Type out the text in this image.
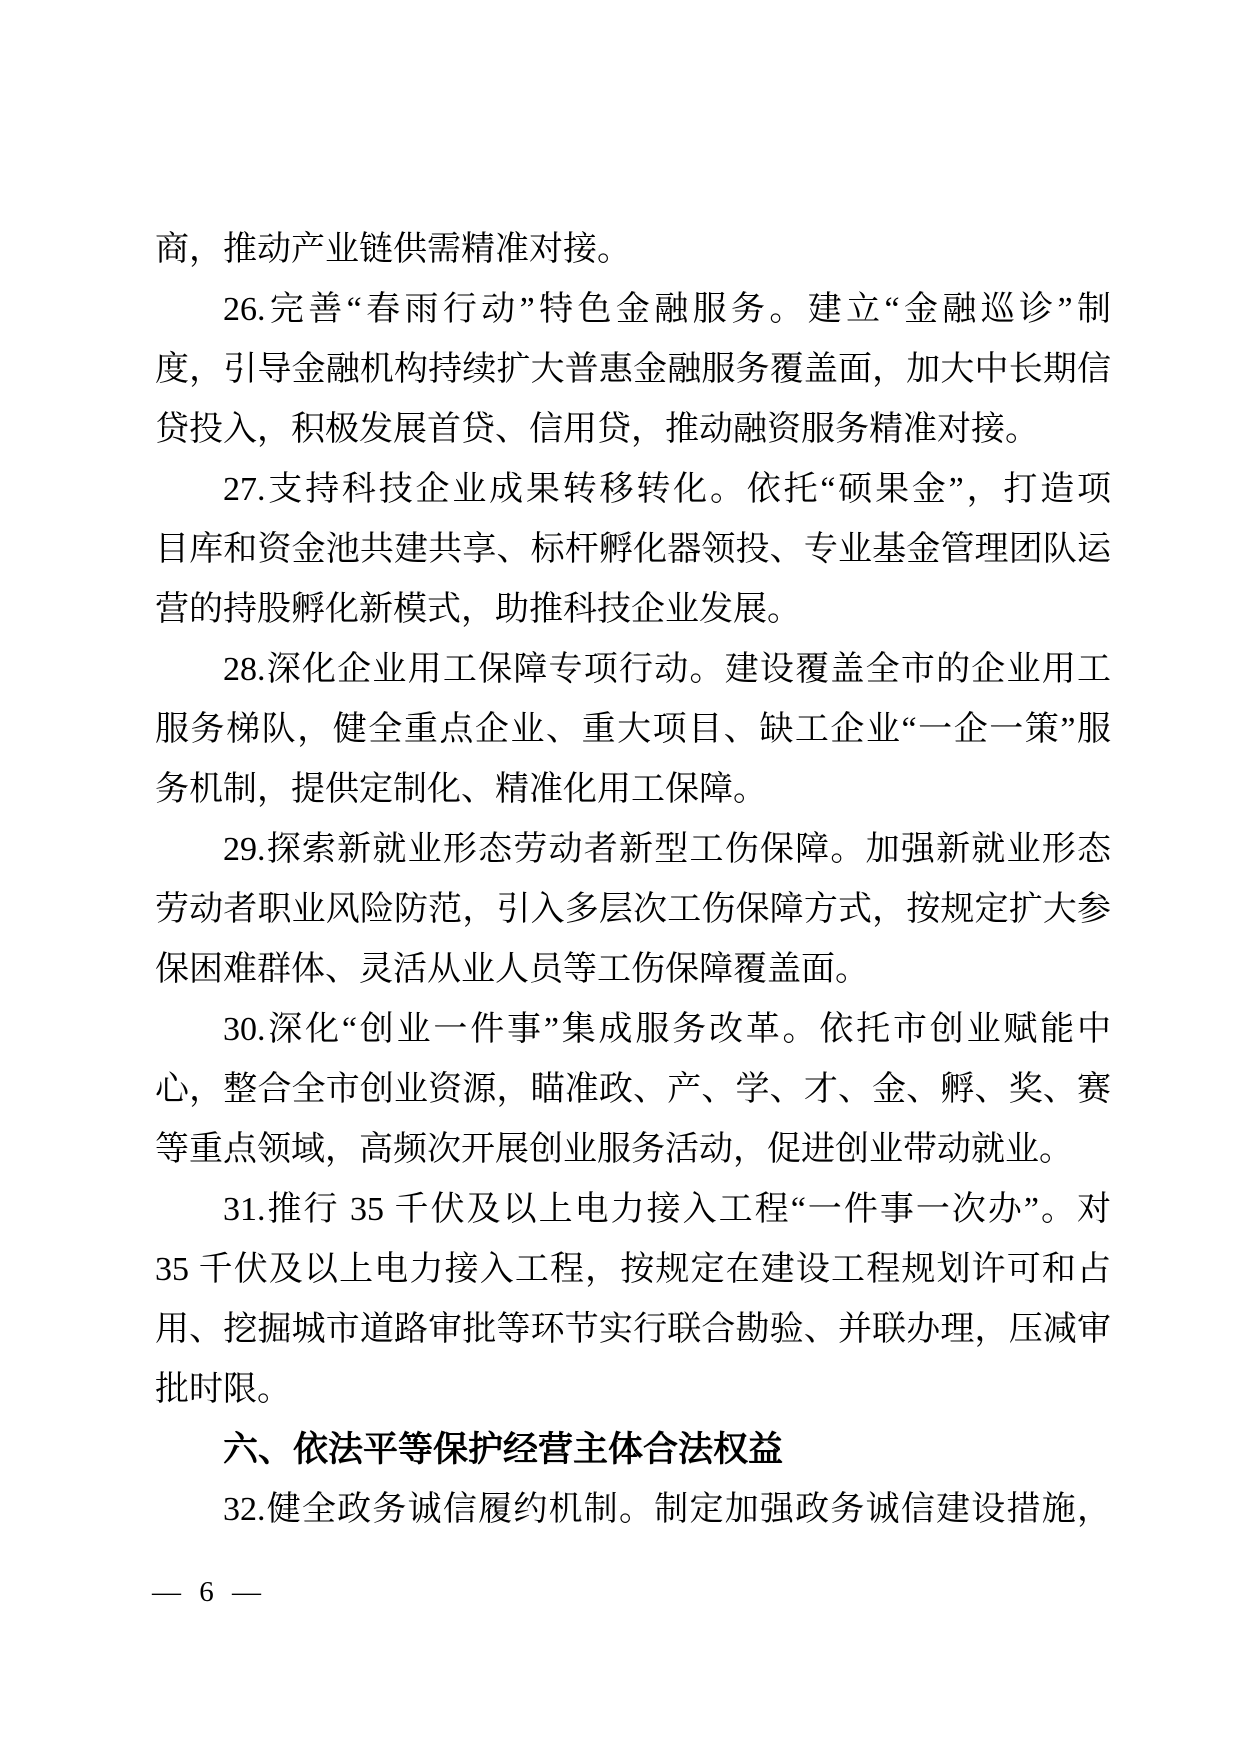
商，推动产业链供需精准对接。
26.完善“春雨行动”特色金融服务。建立“金融巡诊”制
度，引导金融机构持续扩大普惠金融服务覆盖面，加大中长期信
贷投入，积极发展首贷、信用贷，推动融资服务精准对接。
27.支持科技企业成果转移转化。依托“硕果金”，打造项
目库和资金池共建共享、标杆孵化器领投、专业基金管理团队运
营的持股孵化新模式，助推科技企业发展。
28.深化企业用工保障专项行动。建设覆盖全市的企业用工
服务梯队，健全重点企业、重大项目、缺工企业“一企一策”服
务机制，提供定制化、精准化用工保障。
29.探索新就业形态劳动者新型工伤保障。加强新就业形态
劳动者职业风险防范，引入多层次工伤保障方式，按规定扩大参
保困难群体、灵活从业人员等工伤保障覆盖面。
30.深化“创业一件事”集成服务改革。依托市创业赋能中
心，整合全市创业资源，瞄准政、产、学、才、金、孵、奖、赛
等重点领域，高频次开展创业服务活动，促进创业带动就业。
31.推行 35 千伏及以上电力接入工程“一件事一次办”。对
35 千伏及以上电力接入工程，按规定在建设工程规划许可和占
用、挖掘城市道路审批等环节实行联合勘验、并联办理，压减审
批时限。
六、依法平等保护经营主体合法权益
32.健全政务诚信履约机制。制定加强政务诚信建设措施，
— 6 —
